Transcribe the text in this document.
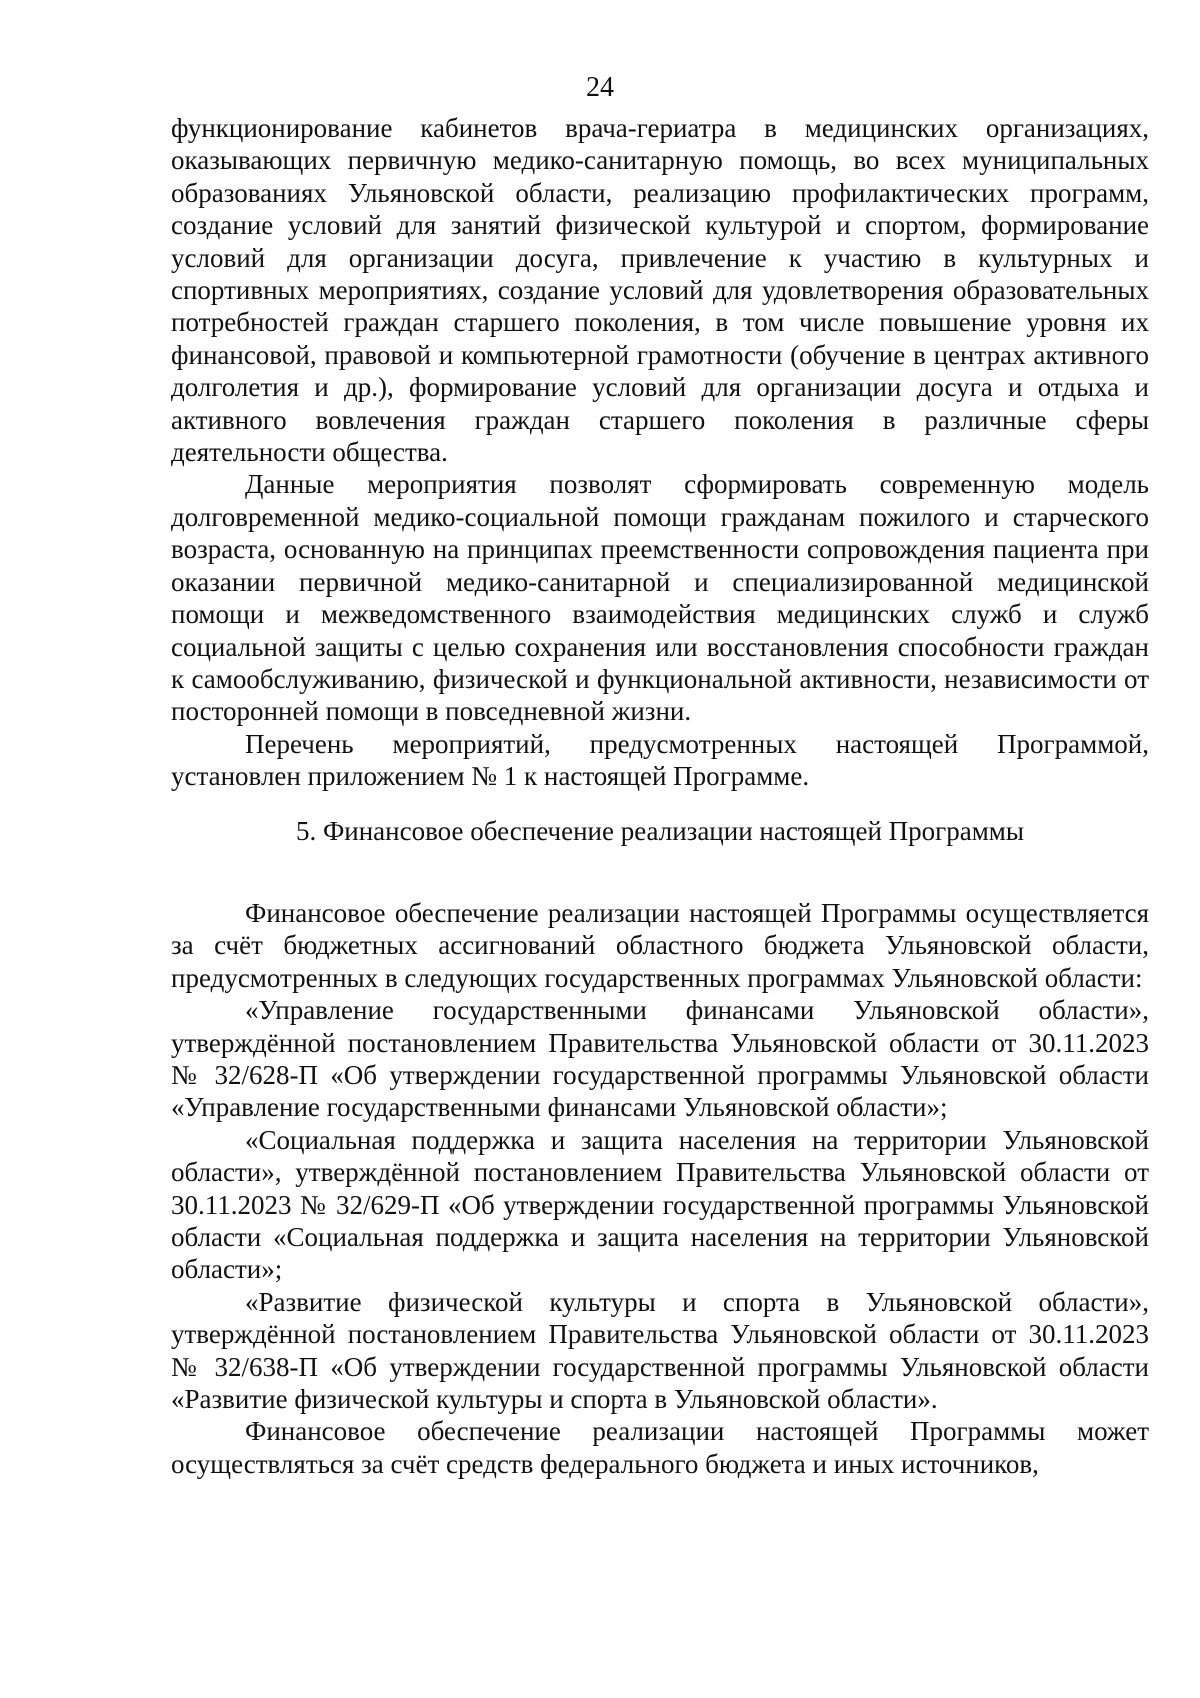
24

функционирование кабинетов врача-гериатра в медицинских организациях, оказывающих первичную медико-санитарную помощь, во всех муниципальных образованиях Ульяновской области, реализацию профилактических программ, создание условий для занятий физической культурой и спортом, формирование условий для организации досуга, привлечение к участию в культурных и спортивных мероприятиях, создание условий для удовлетворения образовательных потребностей граждан старшего поколения, в том числе повышение уровня их финансовой, правовой и компьютерной грамотности (обучение в центрах активного долголетия и др.), формирование условий для организации досуга и отдыха и активного вовлечения граждан старшего поколения в различные сферы деятельности общества.

Данные мероприятия позволят сформировать современную модель долговременной медико-социальной помощи гражданам пожилого и старческого возраста, основанную на принципах преемственности сопровождения пациента при оказании первичной медико-санитарной и специализированной медицинской помощи и межведомственного взаимодействия медицинских служб и служб социальной защиты с целью сохранения или восстановления способности граждан к самообслуживанию, физической и функциональной активности, независимости от посторонней помощи в повседневной жизни.

Перечень мероприятий, предусмотренных настоящей Программой, установлен приложением № 1 к настоящей Программе.

5. Финансовое обеспечение реализации настоящей Программы

Финансовое обеспечение реализации настоящей Программы осуществляется за счёт бюджетных ассигнований областного бюджета Ульяновской области, предусмотренных в следующих государственных программах Ульяновской области:

«Управление государственными финансами Ульяновской области», утверждённой постановлением Правительства Ульяновской области от 30.11.2023 № 32/628-П «Об утверждении государственной программы Ульяновской области «Управление государственными финансами Ульяновской области»;

«Социальная поддержка и защита населения на территории Ульяновской области», утверждённой постановлением Правительства Ульяновской области от 30.11.2023 № 32/629-П «Об утверждении государственной программы Ульяновской области «Социальная поддержка и защита населения на территории Ульяновской области»;

«Развитие физической культуры и спорта в Ульяновской области», утверждённой постановлением Правительства Ульяновской области от 30.11.2023 № 32/638-П «Об утверждении государственной программы Ульяновской области «Развитие физической культуры и спорта в Ульяновской области».

Финансовое обеспечение реализации настоящей Программы может осуществляться за счёт средств федерального бюджета и иных источников,
